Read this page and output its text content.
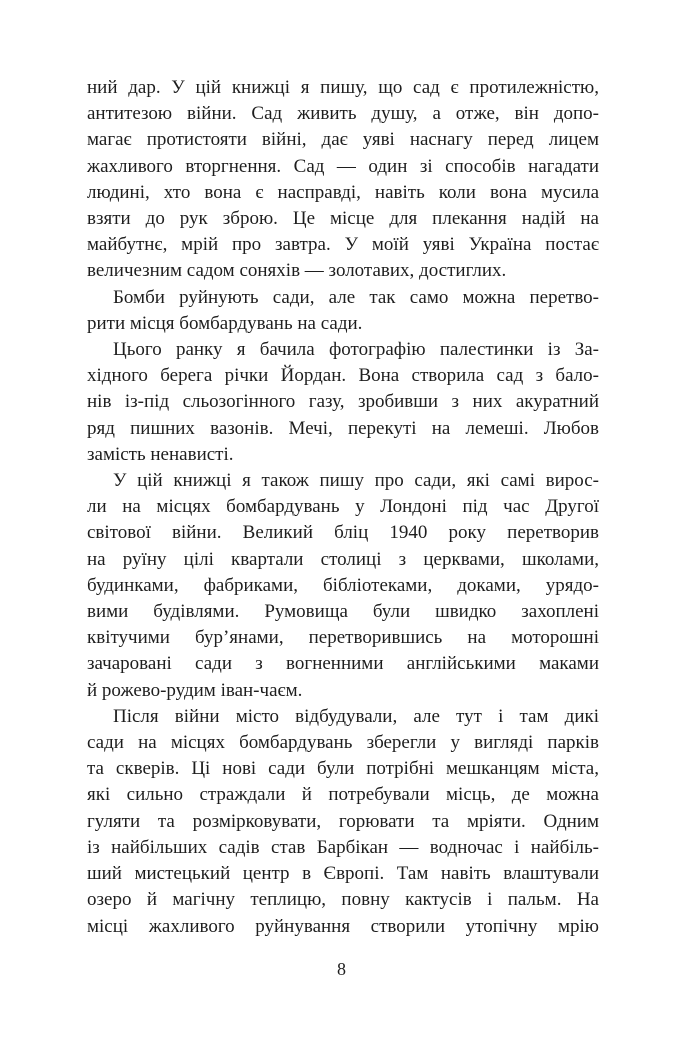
ний дар. У цій книжці я пишу, що сад є протилежністю,
антитезою війни. Сад живить душу, а отже, він допо-
магає протистояти війні, дає уяві наснагу перед лицем
жахливого вторгнення. Сад — один зі способів нагадати
людині, хто вона є насправді, навіть коли вона мусила
взяти до рук зброю. Це місце для плекання надій на
майбутнє, мрій про завтра. У моїй уяві Україна постає
величезним садом соняхів — золотавих, достиглих.
Бомби руйнують сади, але так само можна перетво-
рити місця бомбардувань на сади.
Цього ранку я бачила фотографію палестинки із За-
хідного берега річки Йордан. Вона створила сад з бало-
нів із-під сльозогінного газу, зробивши з них акуратний
ряд пишних вазонів. Мечі, перекуті на лемеші. Любов
замість ненависті.
У цій книжці я також пишу про сади, які самі вирос-
ли на місцях бомбардувань у Лондоні під час Другої
світової війни. Великий бліц 1940 року перетворив
на руїну цілі квартали столиці з церквами, школами,
будинками, фабриками, бібліотеками, доками, урядо-
вими будівлями. Румовища були швидко захоплені
квітучими бур’янами, перетворившись на моторошні
зачаровані сади з вогненними англійськими маками
й рожево-рудим іван-чаєм.
Після війни місто відбудували, але тут і там дикі
сади на місцях бомбардувань зберегли у вигляді парків
та скверів. Ці нові сади були потрібні мешканцям міста,
які сильно страждали й потребували місць, де можна
гуляти та розмірковувати, горювати та мріяти. Одним
із найбільших садів став Барбікан — водночас і найбіль-
ший мистецький центр в Європі. Там навіть влаштували
озеро й магічну теплицю, повну кактусів і пальм. На
місці жахливого руйнування створили утопічну мрію
8
